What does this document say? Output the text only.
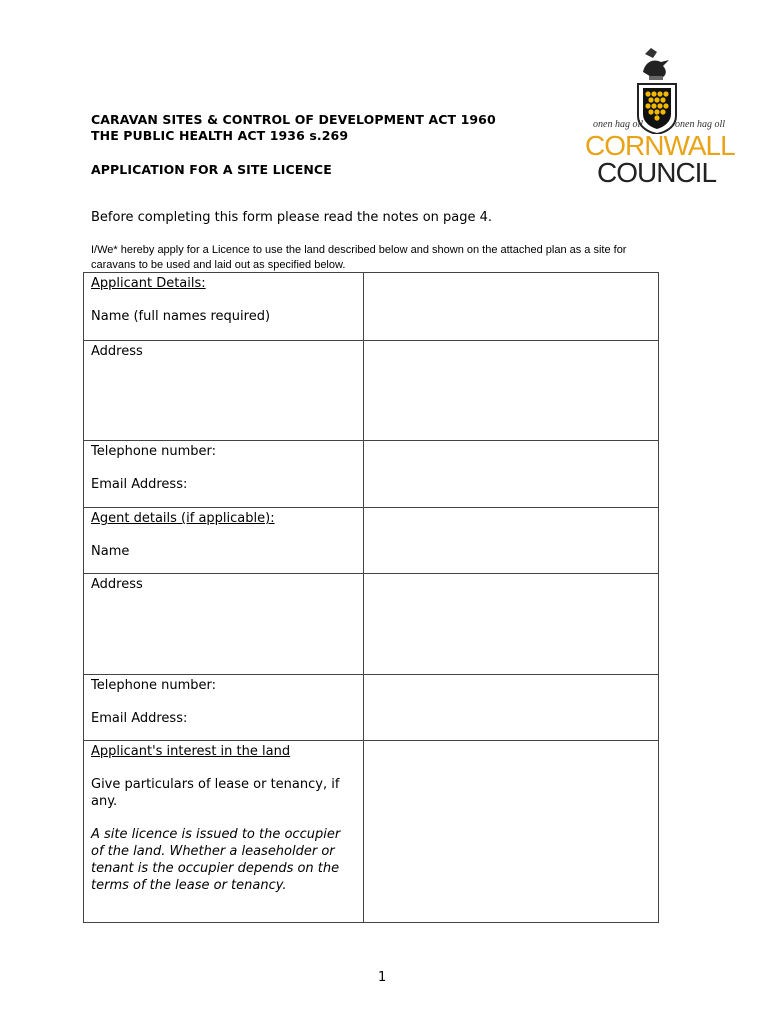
CARAVAN SITES & CONTROL OF DEVELOPMENT ACT 1960
THE PUBLIC HEALTH ACT 1936 s.269
APPLICATION FOR A SITE LICENCE
onen hag oll	onen hag oll
CORNWALL
COUNCIL
Before completing this form please read the notes on page 4.
I/We* hereby apply for a Licence to use the land described below and shown on the attached plan as a site for caravans to be used and laid out as specified below.
Applicant Details:
Name (full names required)	

Address	

Telephone number:
Email Address:	

Agent details (if applicable):
Name	

Address	

Telephone number:
Email Address:	

Applicant's interest in the land
Give particulars of lease or tenancy, if any.
A site licence is issued to the occupier of the land. Whether a leaseholder or tenant is the occupier depends on the terms of the lease or tenancy.	

1
